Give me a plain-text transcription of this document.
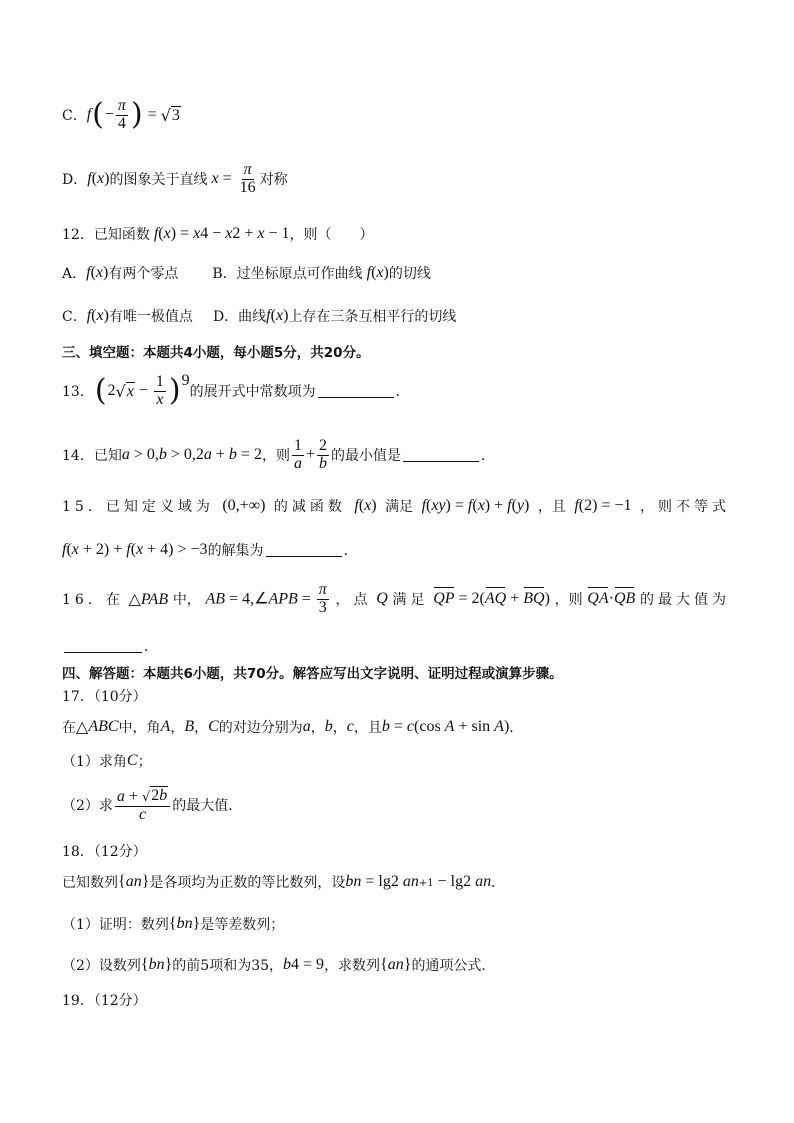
C． f ( − $\frac{\pi}{4}$ ) = √ 3
D． f ( x ) 的图象关于直线 $x = \frac{\pi}{16}$ 对称
12．已知函数 f ( x ) = x 4 − x 2 + x − 1 ，则（　　）
A． f ( x ) 有两个零点 B．过坐标原点可作曲线 f ( x ) 的切线
C． f ( x ) 有唯一极值点 D．曲线 f ( x ) 上存在三条互相平行的切线
三、填空题：本题共4小题，每小题5分，共20分。
13． ( 2 √ $x - \frac{1}{x}$ ) 9
的展开式中常数项为	．
14．已知 a > 0, b > 0,2 a + b = 2 ，则 $\frac{1}{a} + \frac{2}{b}$ 的最小值是	．
15．已知定义域为 (0,+∞) 的减函数 f(x) 满足 f(xy) = f(x) + f(y) ，且 f(2) = −1 ，则不等式
f ( x + 2) + f ( x + 4) > −3 的解集为	．
16．在 △PAB 中， AB = 4,∠APB = $\frac{\pi}{3}$ ，点 Q 满足 QP = 2(AQ + BQ) ，则 QA·QB 的最大值为
．
四、解答题：本题共6小题，共70分。解答应写出文字说明、证明过程或演算步骤。
17．（10分）
在 △ ABC 中，角 A ， B ， C 的对边分别为 a ， b ， c ，且 b = c (cos A + sin A ) ．
（1）求角 C ；
（2）求 $\frac{a + √ 2b}{c}$ 的最大值．
18．（12分）
已知数列 { a n } 是各项均为正数的等比数列，设 b n = lg 2 a n+1 − lg 2 a n ．
（1）证明：数列 { b n } 是等差数列；
（2）设数列 { b n } 的前5项和为35， b 4 = 9 ，求数列 { a n } 的通项公式．
19．（12分）
